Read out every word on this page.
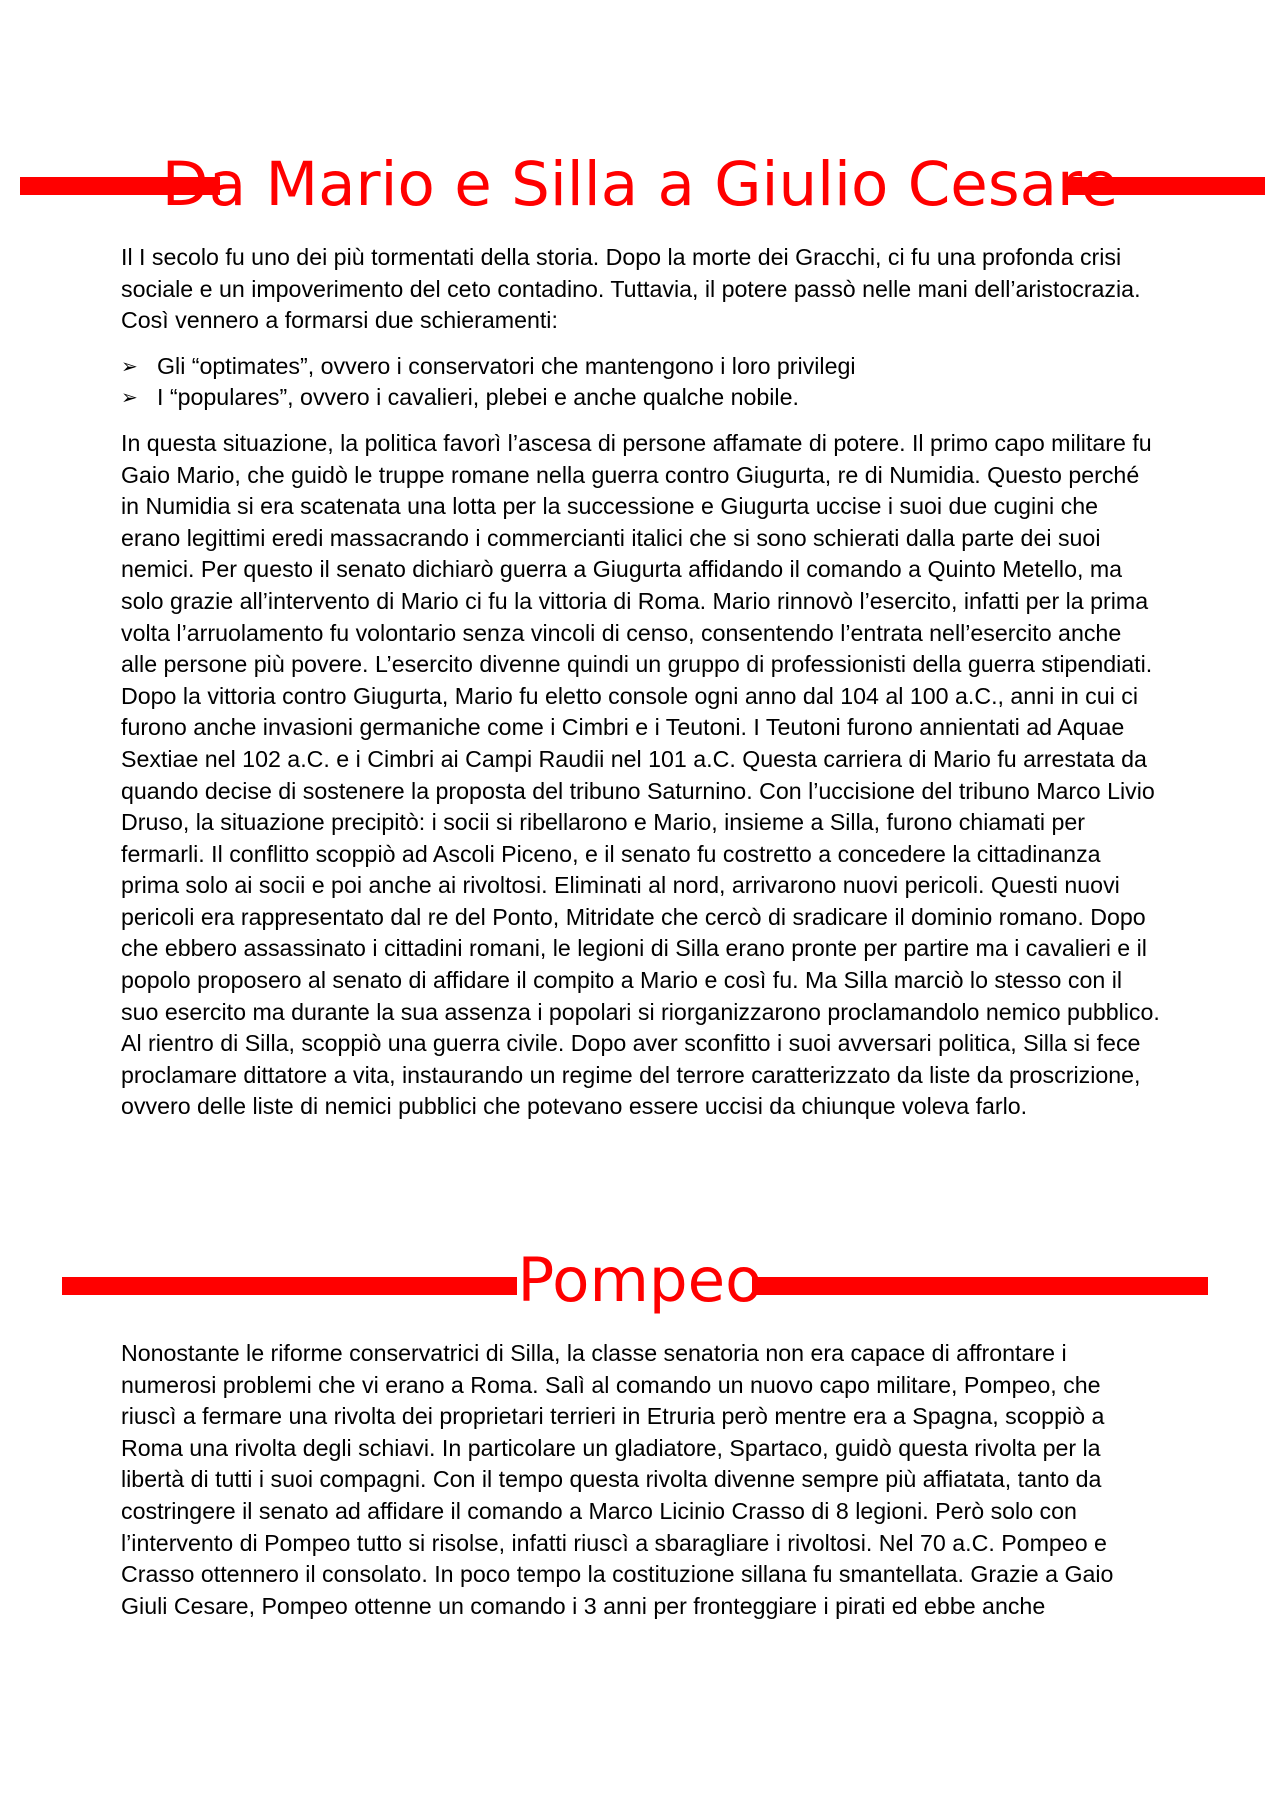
Da Mario e Silla a Giulio Cesare

Il I secolo fu uno dei più tormentati della storia. Dopo la morte dei Gracchi, ci fu una profonda crisi sociale e un impoverimento del ceto contadino. Tuttavia, il potere passò nelle mani dell’aristocrazia. Così vennero a formarsi due schieramenti:

➢ Gli “optimates”, ovvero i conservatori che mantengono i loro privilegi
➢ I “populares”, ovvero i cavalieri, plebei e anche qualche nobile.

In questa situazione, la politica favorì l’ascesa di persone affamate di potere. Il primo capo militare fu Gaio Mario, che guidò le truppe romane nella guerra contro Giugurta, re di Numidia. Questo perché in Numidia si era scatenata una lotta per la successione e Giugurta uccise i suoi due cugini che erano legittimi eredi massacrando i commercianti italici che si sono schierati dalla parte dei suoi nemici. Per questo il senato dichiarò guerra a Giugurta affidando il comando a Quinto Metello, ma solo grazie all’intervento di Mario ci fu la vittoria di Roma. Mario rinnovò l’esercito, infatti per la prima volta l’arruolamento fu volontario senza vincoli di censo, consentendo l’entrata nell’esercito anche alle persone più povere. L’esercito divenne quindi un gruppo di professionisti della guerra stipendiati. Dopo la vittoria contro Giugurta, Mario fu eletto console ogni anno dal 104 al 100 a.C., anni in cui ci furono anche invasioni germaniche come i Cimbri e i Teutoni. I Teutoni furono annientati ad Aquae Sextiae nel 102 a.C. e i Cimbri ai Campi Raudii nel 101 a.C. Questa carriera di Mario fu arrestata da quando decise di sostenere la proposta del tribuno Saturnino. Con l’uccisione del tribuno Marco Livio Druso, la situazione precipitò: i socii si ribellarono e Mario, insieme a Silla, furono chiamati per fermarli. Il conflitto scoppiò ad Ascoli Piceno, e il senato fu costretto a concedere la cittadinanza prima solo ai socii e poi anche ai rivoltosi. Eliminati al nord, arrivarono nuovi pericoli. Questi nuovi pericoli era rappresentato dal re del Ponto, Mitridate che cercò di sradicare il dominio romano. Dopo che ebbero assassinato i cittadini romani, le legioni di Silla erano pronte per partire ma i cavalieri e il popolo proposero al senato di affidare il compito a Mario e così fu. Ma Silla marciò lo stesso con il suo esercito ma durante la sua assenza i popolari si riorganizzarono proclamandolo nemico pubblico. Al rientro di Silla, scoppiò una guerra civile. Dopo aver sconfitto i suoi avversari politica, Silla si fece proclamare dittatore a vita, instaurando un regime del terrore caratterizzato da liste da proscrizione, ovvero delle liste di nemici pubblici che potevano essere uccisi da chiunque voleva farlo.

Pompeo

Nonostante le riforme conservatrici di Silla, la classe senatoria non era capace di affrontare i numerosi problemi che vi erano a Roma. Salì al comando un nuovo capo militare, Pompeo, che riuscì a fermare una rivolta dei proprietari terrieri in Etruria però mentre era a Spagna, scoppiò a Roma una rivolta degli schiavi. In particolare un gladiatore, Spartaco, guidò questa rivolta per la libertà di tutti i suoi compagni. Con il tempo questa rivolta divenne sempre più affiatata, tanto da costringere il senato ad affidare il comando a Marco Licinio Crasso di 8 legioni. Però solo con l’intervento di Pompeo tutto si risolse, infatti riuscì a sbaragliare i rivoltosi. Nel 70 a.C. Pompeo e Crasso ottennero il consolato. In poco tempo la costituzione sillana fu smantellata. Grazie a Gaio Giuli Cesare, Pompeo ottenne un comando i 3 anni per fronteggiare i pirati ed ebbe anche
